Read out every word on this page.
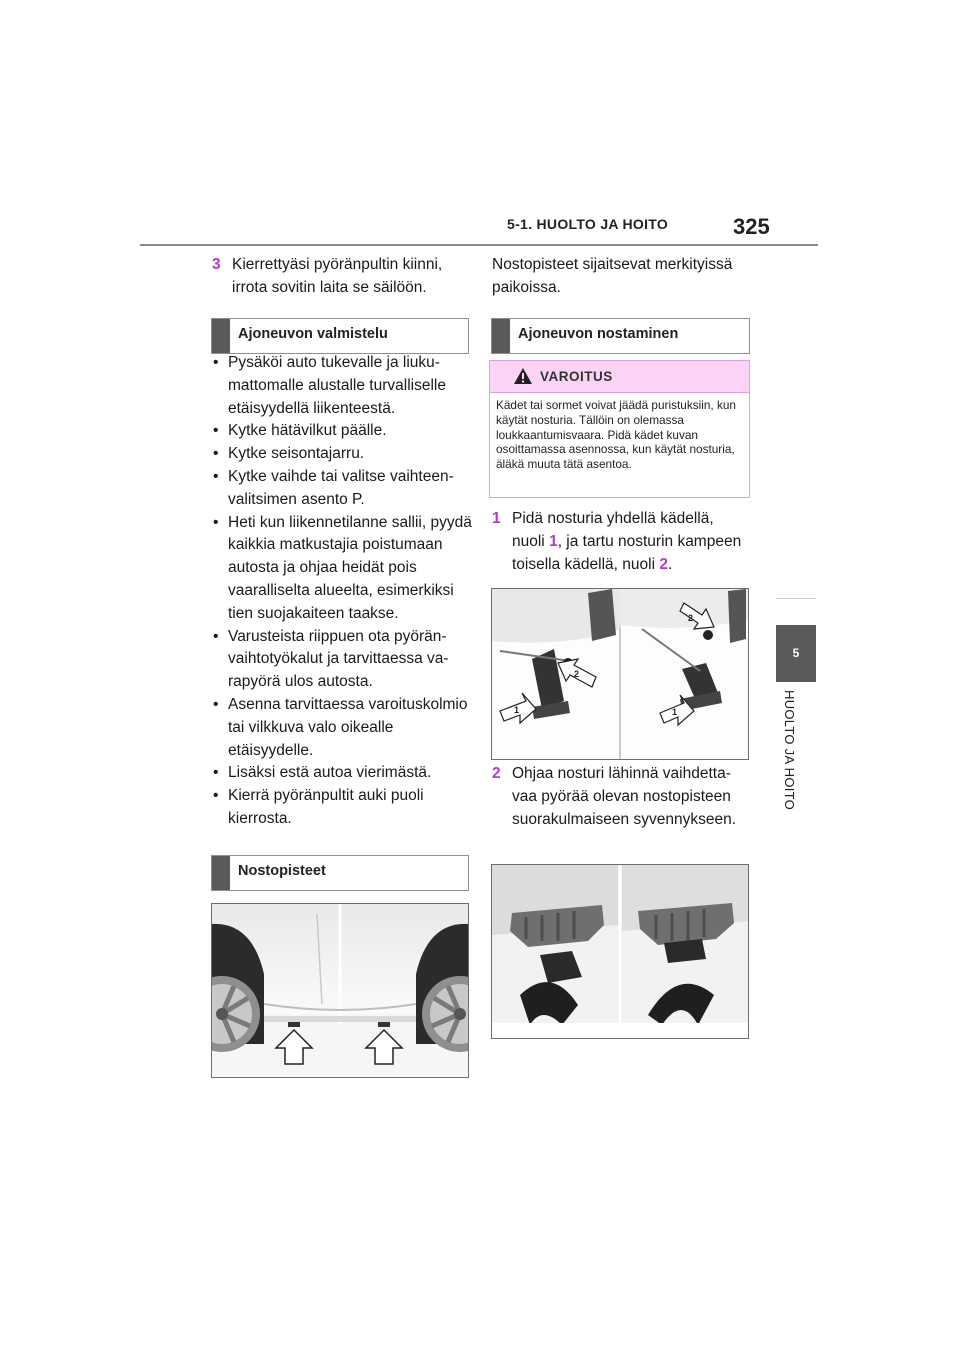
5-1. HUOLTO JA HOITO	325
5
HUOLTO JA HOITO
3 Kierrettyäsi pyöränpultin kiinni, irrota sovitin laita se säilöön.
Ajoneuvon valmistelu
• Pysäköi auto tukevalle ja liukumattomalle alustalle turvalliselle etäisyydellä liikenteestä.
• Kytke hätävilkut päälle.
• Kytke seisontajarru.
• Kytke vaihde tai valitse vaihteenvalitsimen asento P.
• Heti kun liikennetilanne sallii, pyydä kaikkia matkustajia poistumaan autosta ja ohjaa heidät pois vaaralliselta alueelta, esimerkiksi tien suojakaiteen taakse.
• Varusteista riippuen ota pyöränvaihtotyökalut ja tarvittaessa varapyörä ulos autosta.
• Asenna tarvittaessa varoituskolmio tai vilkkuva valo oikealle etäisyydelle.
• Lisäksi estä autoa vierimästä.
• Kierrä pyöränpultit auki puoli kierrosta.
Nostopisteet
Nostopisteet sijaitsevat merkityissä paikoissa.
Ajoneuvon nostaminen
VAROITUS
Kädet tai sormet voivat jäädä puristuksiin, kun käytät nosturia. Tällöin on olemassa loukkaantumisvaara. Pidä kädet kuvan osoittamassa asennossa, kun käytät nosturia, äläkä muuta tätä asentoa.
1 Pidä nosturia yhdellä kädellä, nuoli 1, ja tartu nosturin kampeen toisella kädellä, nuoli 2.
1
2
2
1
2 Ohjaa nosturi lähinnä vaihdettavaa pyörää olevan nostopisteen suorakulmaiseen syvennykseen.
